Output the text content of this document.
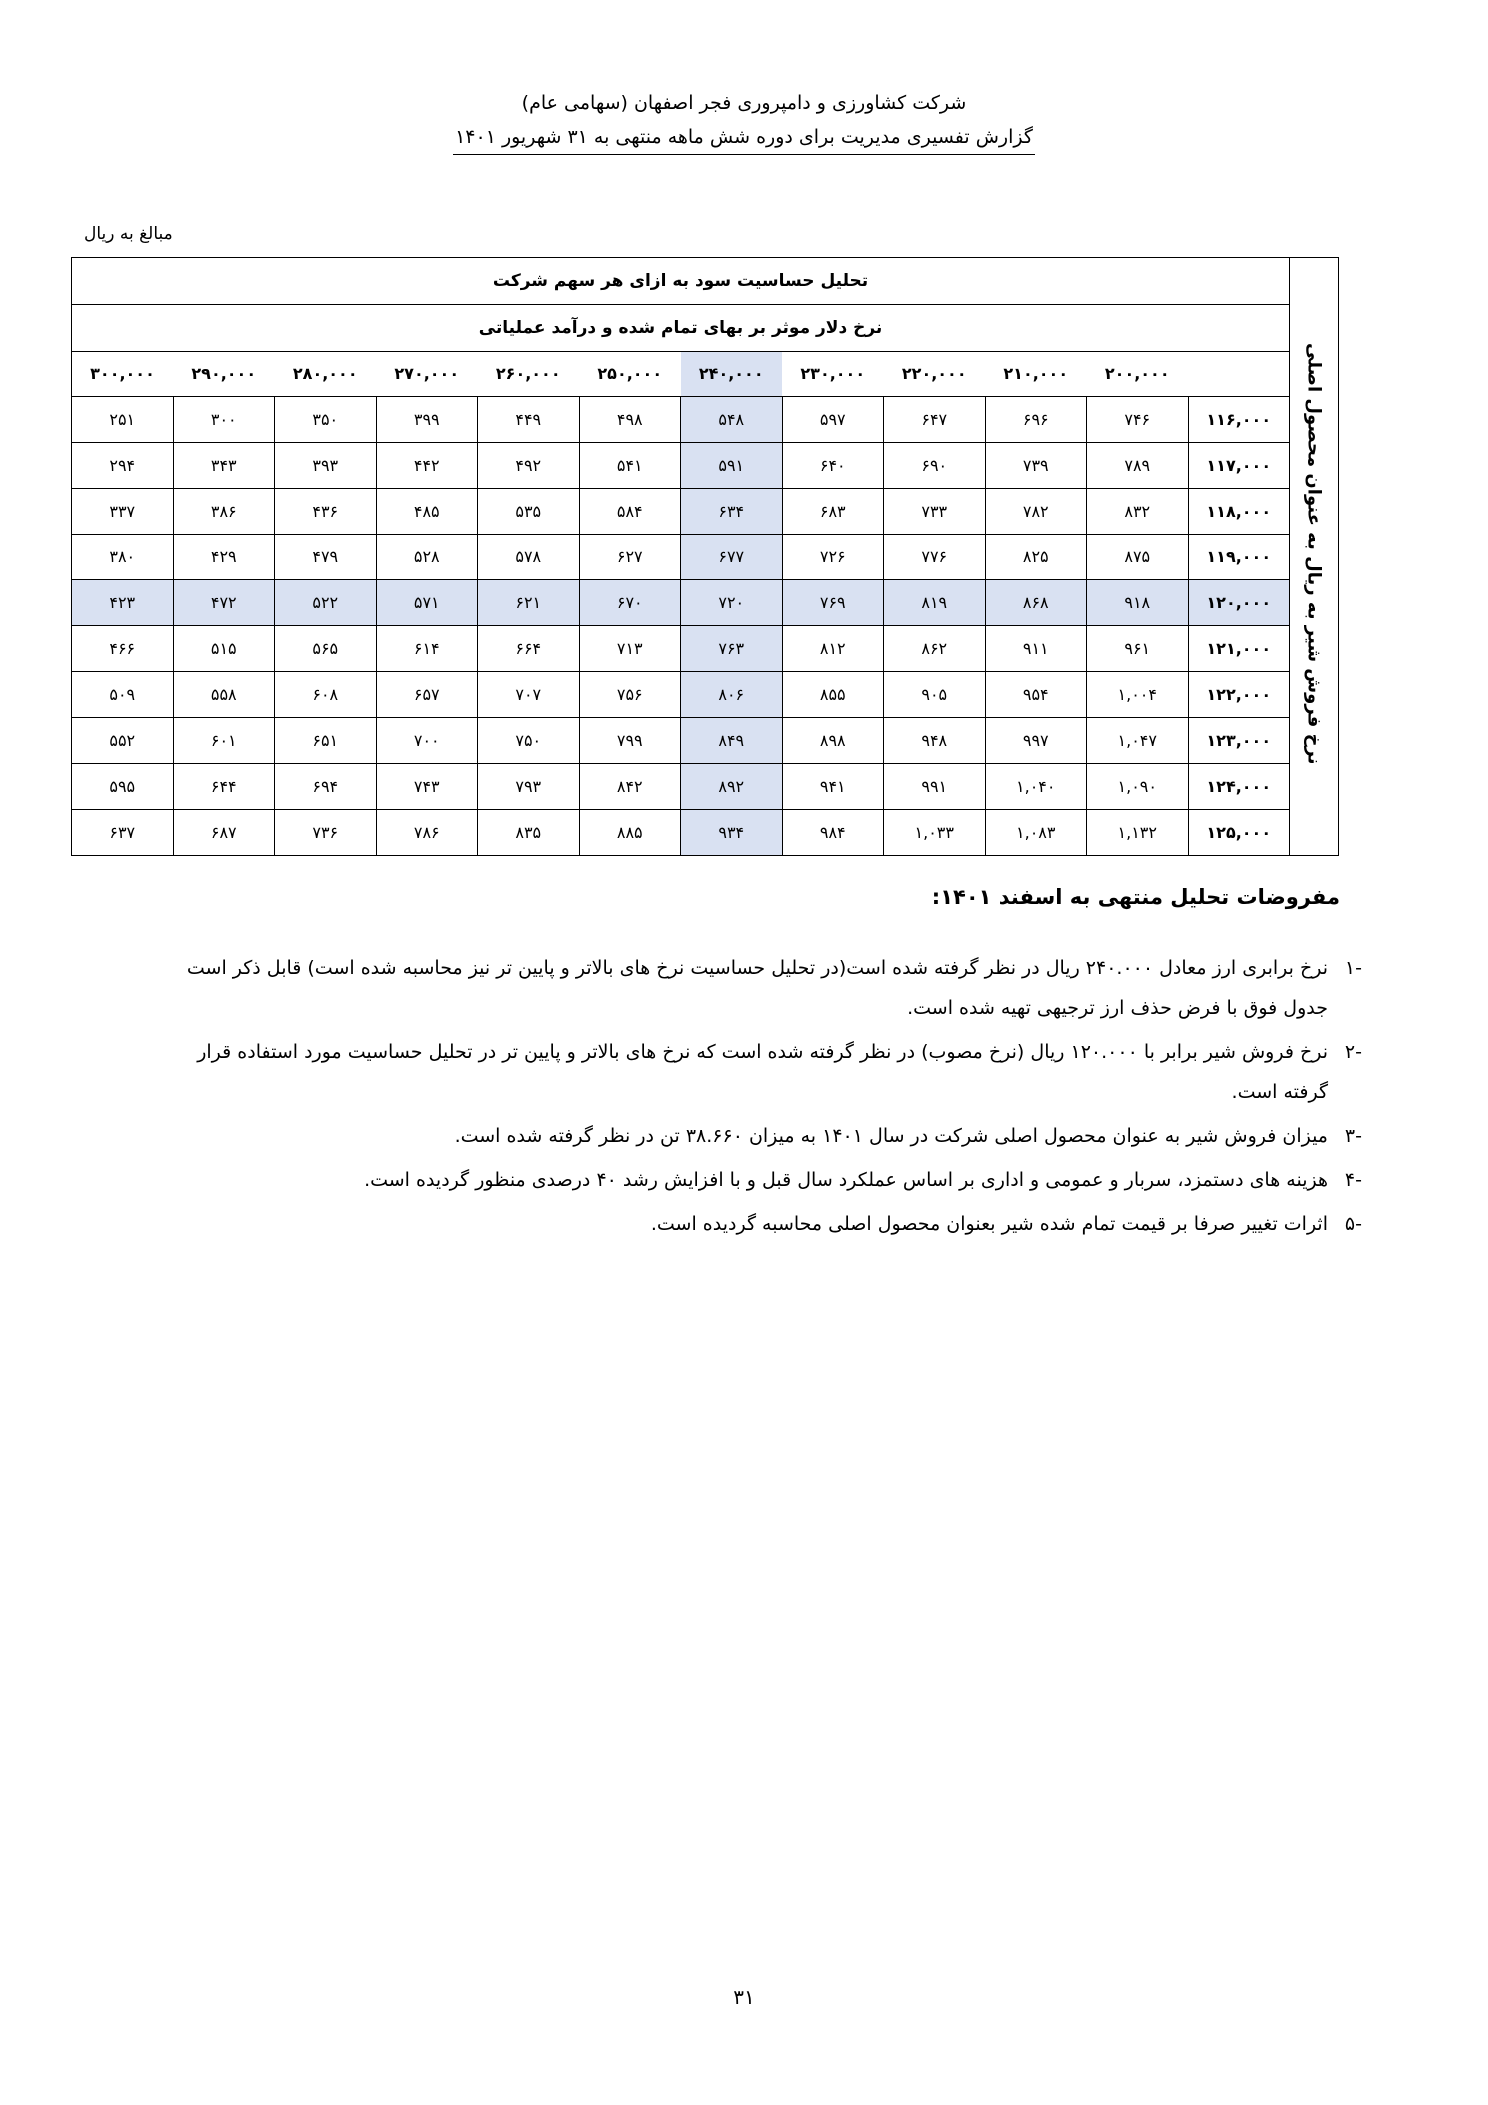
شرکت کشاورزی و دامپروری فجر اصفهان (سهامی عام)
گزارش تفسیری مدیریت برای دوره شش ماهه منتهی به ۳۱ شهریور ۱۴۰۱
مبالغ به ریال
نرخ فروش شیر به ریال به عنوان محصول اصلی	تحلیل حساسیت سود به ازای هر سهم شرکت											
	نرخ دلار موثر بر بهای تمام شده و درآمد عملیاتی											
		۲۰۰,۰۰۰	۲۱۰,۰۰۰	۲۲۰,۰۰۰	۲۳۰,۰۰۰	۲۴۰,۰۰۰	۲۵۰,۰۰۰	۲۶۰,۰۰۰	۲۷۰,۰۰۰	۲۸۰,۰۰۰	۲۹۰,۰۰۰	۳۰۰,۰۰۰
	۱۱۶,۰۰۰	۷۴۶	۶۹۶	۶۴۷	۵۹۷	۵۴۸	۴۹۸	۴۴۹	۳۹۹	۳۵۰	۳۰۰	۲۵۱
	۱۱۷,۰۰۰	۷۸۹	۷۳۹	۶۹۰	۶۴۰	۵۹۱	۵۴۱	۴۹۲	۴۴۲	۳۹۳	۳۴۳	۲۹۴
	۱۱۸,۰۰۰	۸۳۲	۷۸۲	۷۳۳	۶۸۳	۶۳۴	۵۸۴	۵۳۵	۴۸۵	۴۳۶	۳۸۶	۳۳۷
	۱۱۹,۰۰۰	۸۷۵	۸۲۵	۷۷۶	۷۲۶	۶۷۷	۶۲۷	۵۷۸	۵۲۸	۴۷۹	۴۲۹	۳۸۰
	۱۲۰,۰۰۰	۹۱۸	۸۶۸	۸۱۹	۷۶۹	۷۲۰	۶۷۰	۶۲۱	۵۷۱	۵۲۲	۴۷۲	۴۲۳
	۱۲۱,۰۰۰	۹۶۱	۹۱۱	۸۶۲	۸۱۲	۷۶۳	۷۱۳	۶۶۴	۶۱۴	۵۶۵	۵۱۵	۴۶۶
	۱۲۲,۰۰۰	۱,۰۰۴	۹۵۴	۹۰۵	۸۵۵	۸۰۶	۷۵۶	۷۰۷	۶۵۷	۶۰۸	۵۵۸	۵۰۹
	۱۲۳,۰۰۰	۱,۰۴۷	۹۹۷	۹۴۸	۸۹۸	۸۴۹	۷۹۹	۷۵۰	۷۰۰	۶۵۱	۶۰۱	۵۵۲
	۱۲۴,۰۰۰	۱,۰۹۰	۱,۰۴۰	۹۹۱	۹۴۱	۸۹۲	۸۴۲	۷۹۳	۷۴۳	۶۹۴	۶۴۴	۵۹۵
	۱۲۵,۰۰۰	۱,۱۳۲	۱,۰۸۳	۱,۰۳۳	۹۸۴	۹۳۴	۸۸۵	۸۳۵	۷۸۶	۷۳۶	۶۸۷	۶۳۷
مفروضات تحلیل منتهی به اسفند ۱۴۰۱:
-۱
نرخ برابری ارز معادل ۲۴۰.۰۰۰ ریال در نظر گرفته شده است(در تحلیل حساسیت نرخ های بالاتر و پایین تر نیز محاسبه شده است) قابل ذکر است جدول فوق با فرض حذف ارز ترجیهی تهیه شده است.
-۲
نرخ فروش شیر برابر با ۱۲۰.۰۰۰ ریال (نرخ مصوب) در نظر گرفته شده است که نرخ های بالاتر و پایین تر در تحلیل حساسیت مورد استفاده قرار گرفته است.
-۳
میزان فروش شیر به عنوان محصول اصلی شرکت در سال ۱۴۰۱ به میزان ۳۸.۶۶۰ تن در نظر گرفته شده است.
-۴
هزینه های دستمزد، سربار و عمومی و اداری بر اساس عملکرد سال قبل و با افزایش رشد ۴۰ درصدی منظور گردیده است.
-۵
اثرات تغییر صرفا بر قیمت تمام شده شیر بعنوان محصول اصلی محاسبه گردیده است.
۳۱
